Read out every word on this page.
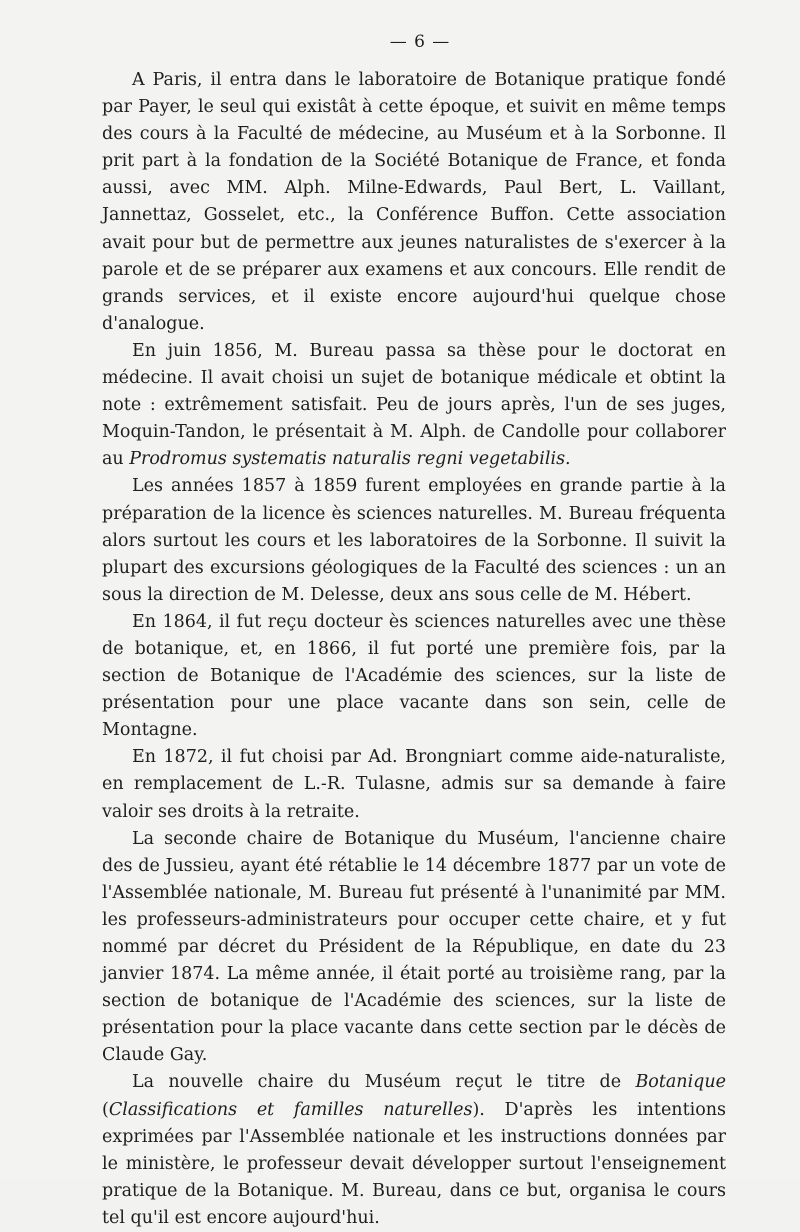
— 6 —

A Paris, il entra dans le laboratoire de Botanique pratique fondé par Payer, le seul qui existât à cette époque, et suivit en même temps des cours à la Faculté de médecine, au Muséum et à la Sorbonne. Il prit part à la fondation de la Société Botanique de France, et fonda aussi, avec MM. Alph. Milne-Edwards, Paul Bert, L. Vaillant, Jannettaz, Gosselet, etc., la Conférence Buffon. Cette association avait pour but de permettre aux jeunes naturalistes de s'exercer à la parole et de se préparer aux examens et aux concours. Elle rendit de grands services, et il existe encore aujourd'hui quelque chose d'analogue.

En juin 1856, M. Bureau passa sa thèse pour le doctorat en médecine. Il avait choisi un sujet de botanique médicale et obtint la note : extrêmement satisfait. Peu de jours après, l'un de ses juges, Moquin-Tandon, le présentait à M. Alph. de Candolle pour collaborer au Prodromus systematis naturalis regni vegetabilis.

Les années 1857 à 1859 furent employées en grande partie à la préparation de la licence ès sciences naturelles. M. Bureau fréquenta alors surtout les cours et les laboratoires de la Sorbonne. Il suivit la plupart des excursions géologiques de la Faculté des sciences : un an sous la direction de M. Delesse, deux ans sous celle de M. Hébert.

En 1864, il fut reçu docteur ès sciences naturelles avec une thèse de botanique, et, en 1866, il fut porté une première fois, par la section de Botanique de l'Académie des sciences, sur la liste de présentation pour une place vacante dans son sein, celle de Montagne.

En 1872, il fut choisi par Ad. Brongniart comme aide-naturaliste, en remplacement de L.-R. Tulasne, admis sur sa demande à faire valoir ses droits à la retraite.

La seconde chaire de Botanique du Muséum, l'ancienne chaire des de Jussieu, ayant été rétablie le 14 décembre 1877 par un vote de l'Assemblée nationale, M. Bureau fut présenté à l'unanimité par MM. les professeurs-administrateurs pour occuper cette chaire, et y fut nommé par décret du Président de la République, en date du 23 janvier 1874. La même année, il était porté au troisième rang, par la section de botanique de l'Académie des sciences, sur la liste de présentation pour la place vacante dans cette section par le décès de Claude Gay.

La nouvelle chaire du Muséum reçut le titre de Botanique (Classifications et familles naturelles). D'après les intentions exprimées par l'Assemblée nationale et les instructions données par le ministère, le professeur devait développer surtout l'enseignement pratique de la Botanique. M. Bureau, dans ce but, organisa le cours tel qu'il est encore aujourd'hui.
